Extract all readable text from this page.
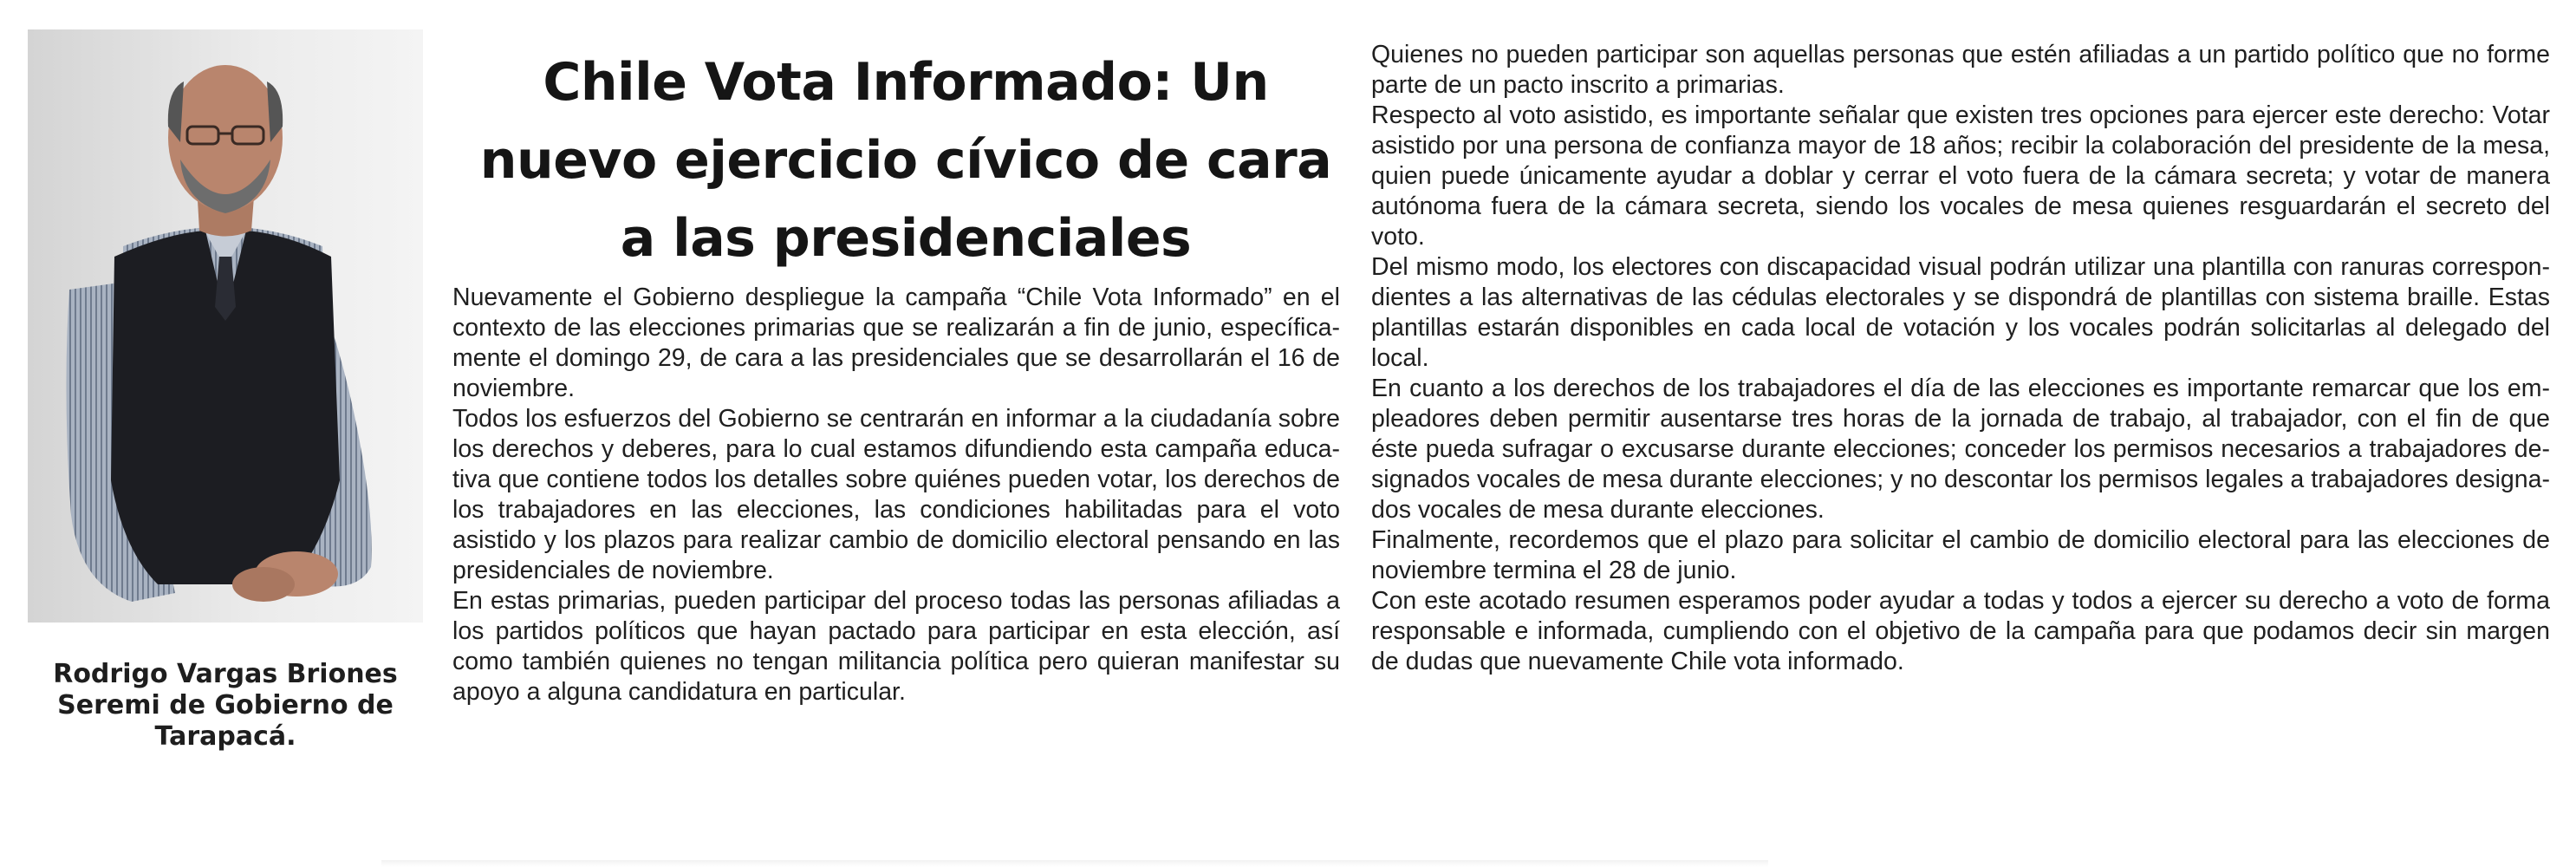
Rodrigo Vargas Briones
Seremi de Gobierno de
Tarapacá.
Chile Vota Informado: Un
nuevo ejercicio cívico de cara
a las presidenciales

Nuevamente el Gobierno despliegue la campaña “Chile Vota Informado” en el contexto de las elecciones primarias que se realizarán a fin de junio, específicamente el domingo 29, de cara a las presidenciales que se desarrollarán el 16 de noviembre.

Todos los esfuerzos del Gobierno se centrarán en informar a la ciudadanía sobre los derechos y deberes, para lo cual estamos difundiendo esta campaña educativa que contiene todos los detalles sobre quiénes pueden votar, los derechos de los trabajadores en las elecciones, las condiciones habilitadas para el voto asistido y los plazos para realizar cambio de domicilio electoral pensando en las presidenciales de noviembre.

En estas primarias, pueden participar del proceso todas las personas afiliadas a los partidos políticos que hayan pactado para participar en esta elección, así como también quienes no tengan militancia política pero quieran manifestar su apoyo a alguna candidatura en particular.

Quienes no pueden participar son aquellas personas que estén afiliadas a un partido político que no forme parte de un pacto inscrito a primarias.

Respecto al voto asistido, es importante señalar que existen tres opciones para ejercer este derecho: Votar asistido por una persona de confianza mayor de 18 años; recibir la colaboración del presidente de la mesa, quien puede únicamente ayudar a doblar y cerrar el voto fuera de la cámara secreta; y votar de manera autónoma fuera de la cámara secreta, siendo los vocales de mesa quienes resguardarán el secreto del voto.

Del mismo modo, los electores con discapacidad visual podrán utilizar una plantilla con ranuras correspondientes a las alternativas de las cédulas electorales y se dispondrá de plantillas con sistema braille. Estas plantillas estarán disponibles en cada local de votación y los vocales podrán solicitarlas al delegado del local.

En cuanto a los derechos de los trabajadores el día de las elecciones es importante remarcar que los empleadores deben permitir ausentarse tres horas de la jornada de trabajo, al trabajador, con el fin de que éste pueda sufragar o excusarse durante elecciones; conceder los permisos necesarios a trabajadores designados vocales de mesa durante elecciones; y no descontar los permisos legales a trabajadores designados vocales de mesa durante elecciones.

Finalmente, recordemos que el plazo para solicitar el cambio de domicilio electoral para las elecciones de noviembre termina el 28 de junio.

Con este acotado resumen esperamos poder ayudar a todas y todos a ejercer su derecho a voto de forma responsable e informada, cumpliendo con el objetivo de la campaña para que podamos decir sin margen de dudas que nuevamente Chile vota informado.
